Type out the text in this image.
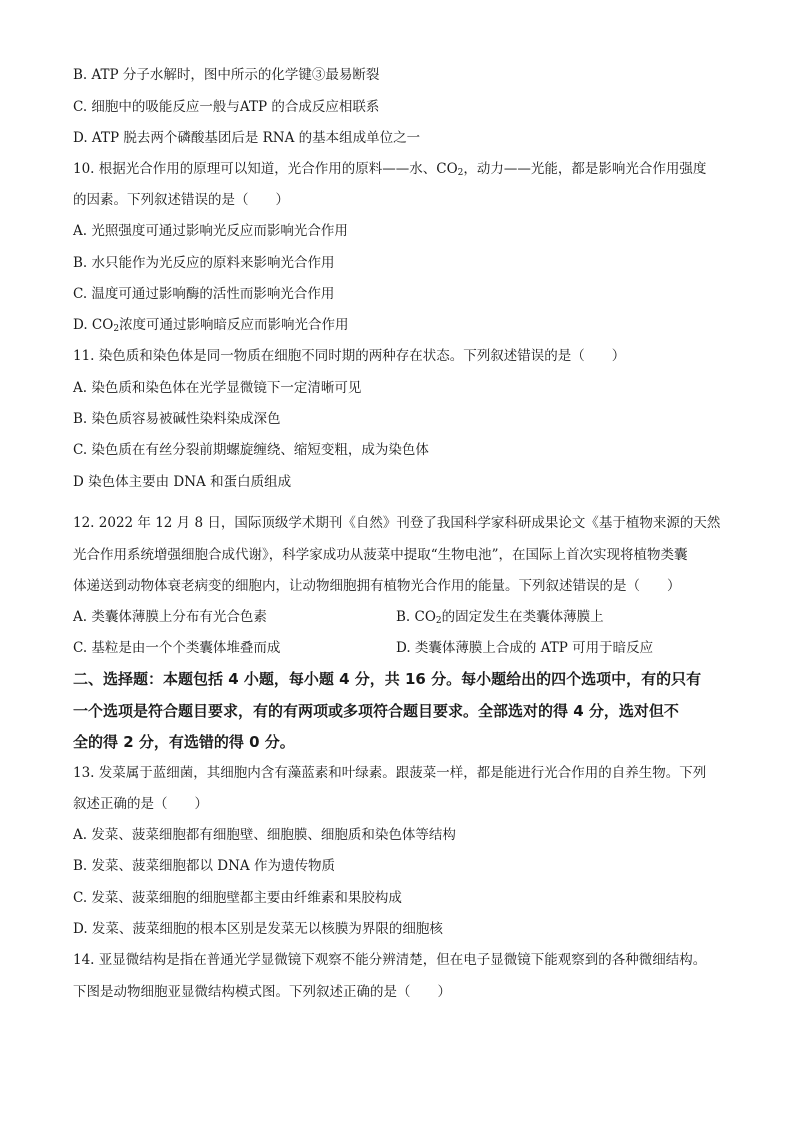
B. ATP 分子水解时，图中所示的化学键③最易断裂
C. 细胞中的吸能反应一般与ATP 的合成反应相联系
D. ATP 脱去两个磷酸基团后是 RNA 的基本组成单位之一
10. 根据光合作用的原理可以知道，光合作用的原料——水、$CO_2$，动力——光能，都是影响光合作用强度
的因素。下列叙述错误的是（　　）
A. 光照强度可通过影响光反应而影响光合作用
B. 水只能作为光反应的原料来影响光合作用
C. 温度可通过影响酶的活性而影响光合作用
D. $CO_2$浓度可通过影响暗反应而影响光合作用
11. 染色质和染色体是同一物质在细胞不同时期的两种存在状态。下列叙述错误的是（　　）
A. 染色质和染色体在光学显微镜下一定清晰可见
B. 染色质容易被碱性染料染成深色
C. 染色质在有丝分裂前期螺旋缠绕、缩短变粗，成为染色体
D 染色体主要由 DNA 和蛋白质组成
12. 2022 年 12 月 8 日，国际顶级学术期刊《自然》刊登了我国科学家科研成果论文《基于植物来源的天然
光合作用系统增强细胞合成代谢》，科学家成功从菠菜中提取“生物电池”，在国际上首次实现将植物类囊
体递送到动物体衰老病变的细胞内，让动物细胞拥有植物光合作用的能量。下列叙述错误的是（　　）
A. 类囊体薄膜上分布有光合色素	B. $CO_2$的固定发生在类囊体薄膜上
C. 基粒是由一个个类囊体堆叠而成	D. 类囊体薄膜上合成的 ATP 可用于暗反应
二、选择题：本题包括 4 小题，每小题 4 分，共 16 分。每小题给出的四个选项中，有的只有
一个选项是符合题目要求，有的有两项或多项符合题目要求。全部选对的得 4 分，选对但不
全的得 2 分，有选错的得 0 分。
13. 发菜属于蓝细菌，其细胞内含有藻蓝素和叶绿素。跟菠菜一样，都是能进行光合作用的自养生物。下列
叙述正确的是（　　）
A. 发菜、菠菜细胞都有细胞壁、细胞膜、细胞质和染色体等结构
B. 发菜、菠菜细胞都以 DNA 作为遗传物质
C. 发菜、菠菜细胞的细胞壁都主要由纤维素和果胶构成
D. 发菜、菠菜细胞的根本区别是发菜无以核膜为界限的细胞核
14. 亚显微结构是指在普通光学显微镜下观察不能分辨清楚，但在电子显微镜下能观察到的各种微细结构。
下图是动物细胞亚显微结构模式图。下列叙述正确的是（　　）
